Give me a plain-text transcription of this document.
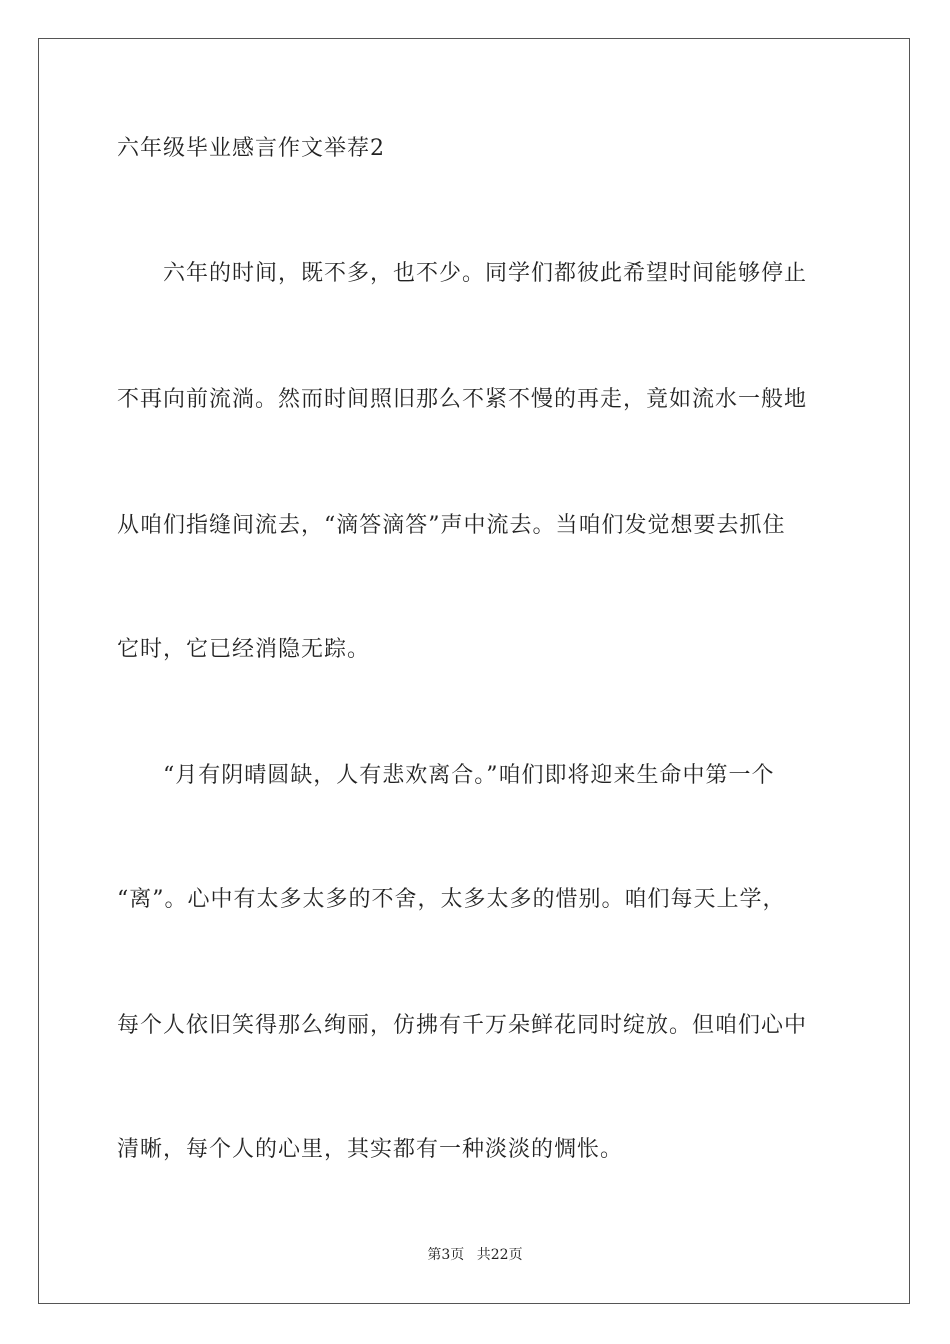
六年级毕业感言作文举荐2
　　六年的时间，既不多，也不少。同学们都彼此希望时间能够停止
不再向前流淌。然而时间照旧那么不紧不慢的再走，竟如流水一般地
从咱们指缝间流去，“滴答滴答”声中流去。当咱们发觉想要去抓住
它时，它已经消隐无踪。
　　“月有阴晴圆缺，人有悲欢离合。”咱们即将迎来生命中第一个
“离”。心中有太多太多的不舍，太多太多的惜别。咱们每天上学，
每个人依旧笑得那么绚丽，仿拂有千万朵鲜花同时绽放。但咱们心中
清晰，每个人的心里，其实都有一种淡淡的惆怅。
第3页 共22页
